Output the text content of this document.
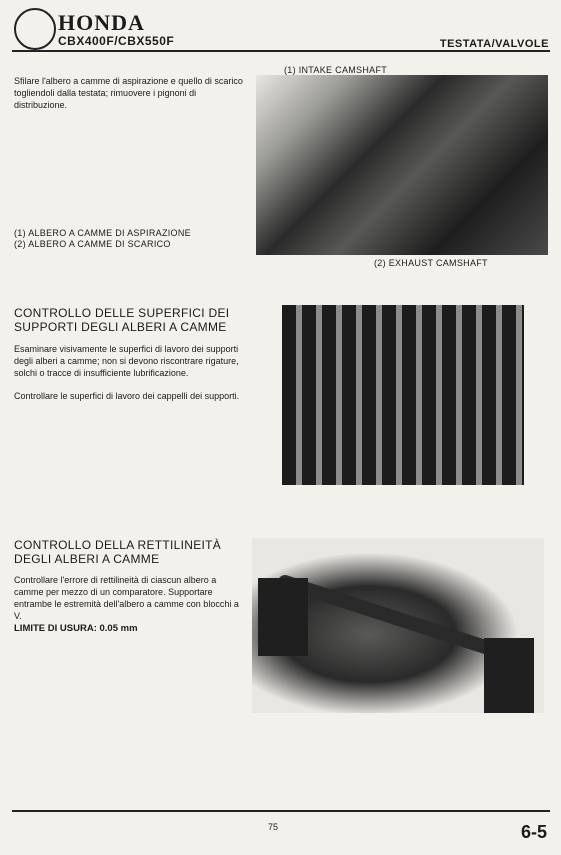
HONDA
CBX400F/CBX550F	TESTATA/VALVOLE
Sfilare l'albero a camme di aspirazione e quello di scarico togliendoli dalla testata; rimuovere i pignoni di distribuzione.
(1) INTAKE CAMSHAFT
(2) EXHAUST CAMSHAFT
(1) ALBERO A CAMME DI ASPIRAZIONE
(2) ALBERO A CAMME DI SCARICO
CONTROLLO DELLE SUPERFICI DEI SUPPORTI DEGLI ALBERI A CAMME
Esaminare visivamente le superfici di lavoro dei supporti degli alberi a camme; non si devono riscontrare rigature, solchi o tracce di insufficiente lubrificazione.
Controllare le superfici di lavoro dei cappelli dei supporti.
CONTROLLO DELLA RETTILINEITÀ DEGLI ALBERI A CAMME
Controllare l'errore di rettilineità di ciascun albero a camme per mezzo di un comparatore. Supportare entrambe le estremità dell'albero a camme con blocchi a V.
LIMITE DI USURA: 0.05 mm
75	6-5
